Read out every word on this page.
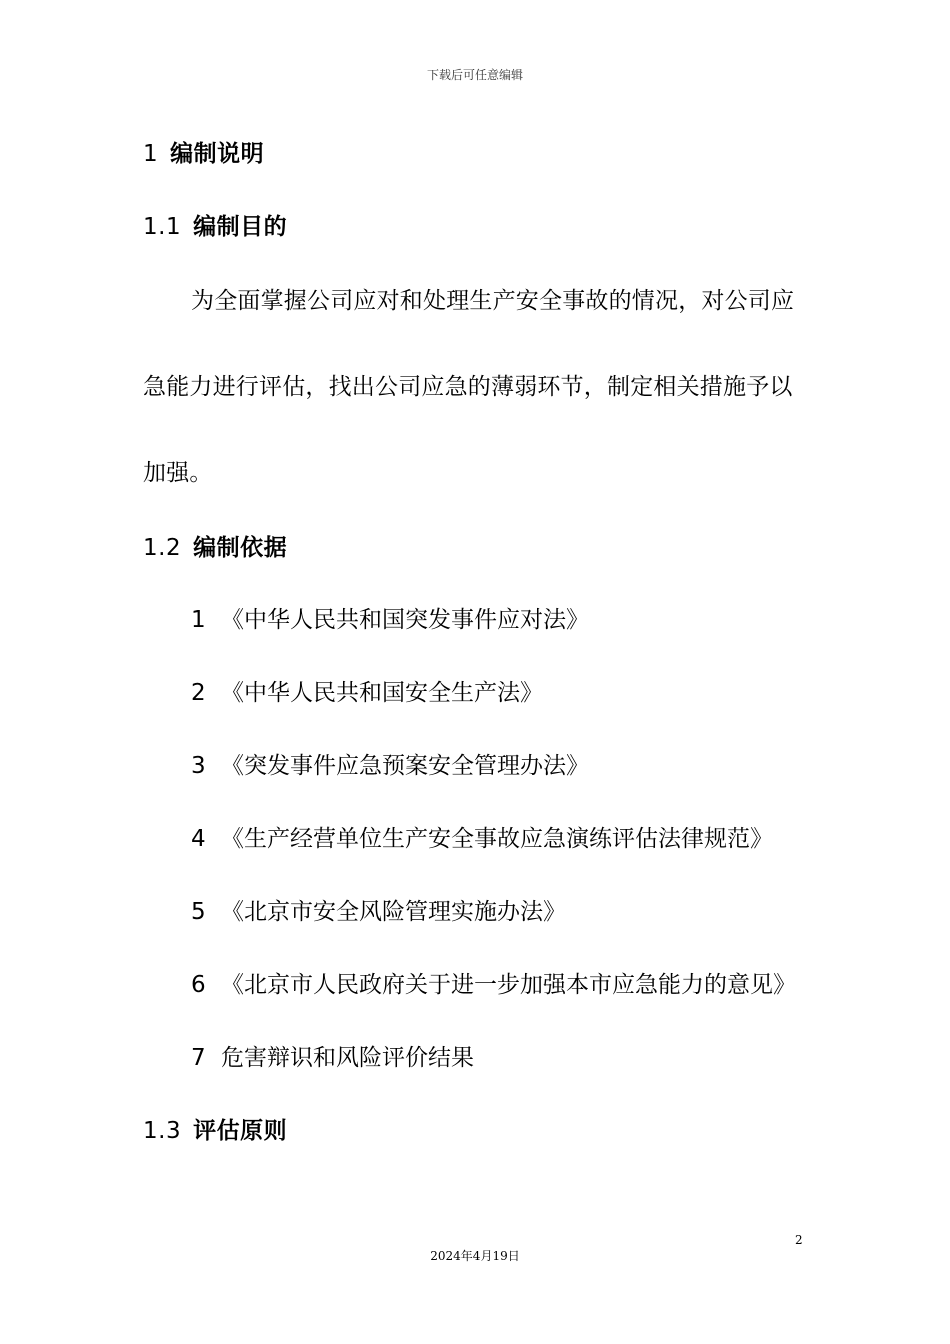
下载后可任意编辑
1 编制说明
1.1 编制目的
为全面掌握公司应对和处理生产安全事故的情况，对公司应
急能力进行评估，找出公司应急的薄弱环节，制定相关措施予以
加强。
1.2 编制依据
1 《中华人民共和国突发事件应对法》
2 《中华人民共和国安全生产法》
3 《突发事件应急预案安全管理办法》
4 《生产经营单位生产安全事故应急演练评估法律规范》
5 《北京市安全风险管理实施办法》
6 《北京市人民政府关于进一步加强本市应急能力的意见》
7 危害辩识和风险评价结果
1.3 评估原则
2
2024年4月19日
